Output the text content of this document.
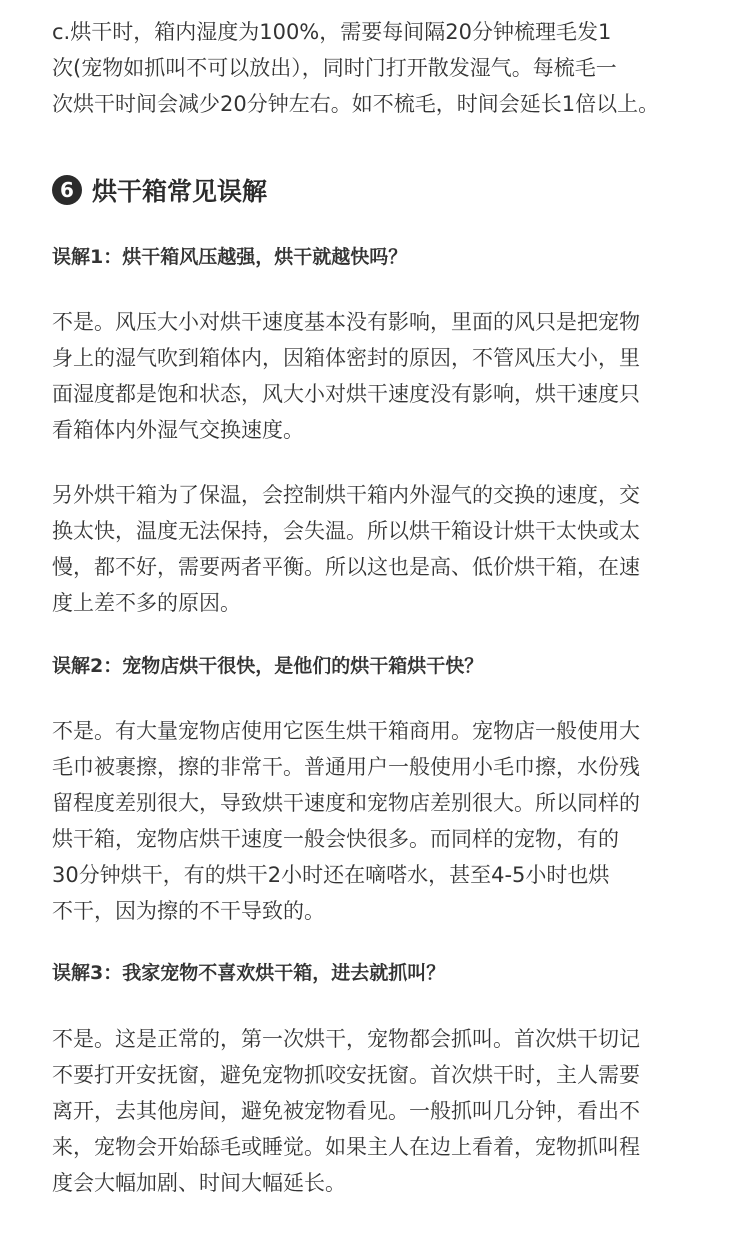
c.烘干时，箱内湿度为100%，需要每间隔20分钟梳理毛发1
次(宠物如抓叫不可以放出），同时门打开散发湿气。每梳毛一
次烘干时间会减少20分钟左右。如不梳毛，时间会延长1倍以上。
6 烘干箱常见误解
误解1：烘干箱风压越强，烘干就越快吗？
不是。风压大小对烘干速度基本没有影响，里面的风只是把宠物
身上的湿气吹到箱体内，因箱体密封的原因，不管风压大小，里
面湿度都是饱和状态，风大小对烘干速度没有影响，烘干速度只
看箱体内外湿气交换速度。
另外烘干箱为了保温，会控制烘干箱内外湿气的交换的速度，交
换太快，温度无法保持，会失温。所以烘干箱设计烘干太快或太
慢，都不好，需要两者平衡。所以这也是高、低价烘干箱，在速
度上差不多的原因。
误解2：宠物店烘干很快，是他们的烘干箱烘干快？
不是。有大量宠物店使用它医生烘干箱商用。宠物店一般使用大
毛巾被裹擦，擦的非常干。普通用户一般使用小毛巾擦，水份残
留程度差别很大，导致烘干速度和宠物店差别很大。所以同样的
烘干箱，宠物店烘干速度一般会快很多。而同样的宠物，有的
30分钟烘干，有的烘干2小时还在嘀嗒水，甚至4-5小时也烘
不干，因为擦的不干导致的。
误解3：我家宠物不喜欢烘干箱，进去就抓叫？
不是。这是正常的，第一次烘干，宠物都会抓叫。首次烘干切记
不要打开安抚窗，避免宠物抓咬安抚窗。首次烘干时，主人需要
离开，去其他房间，避免被宠物看见。一般抓叫几分钟，看出不
来，宠物会开始舔毛或睡觉。如果主人在边上看着，宠物抓叫程
度会大幅加剧、时间大幅延长。
